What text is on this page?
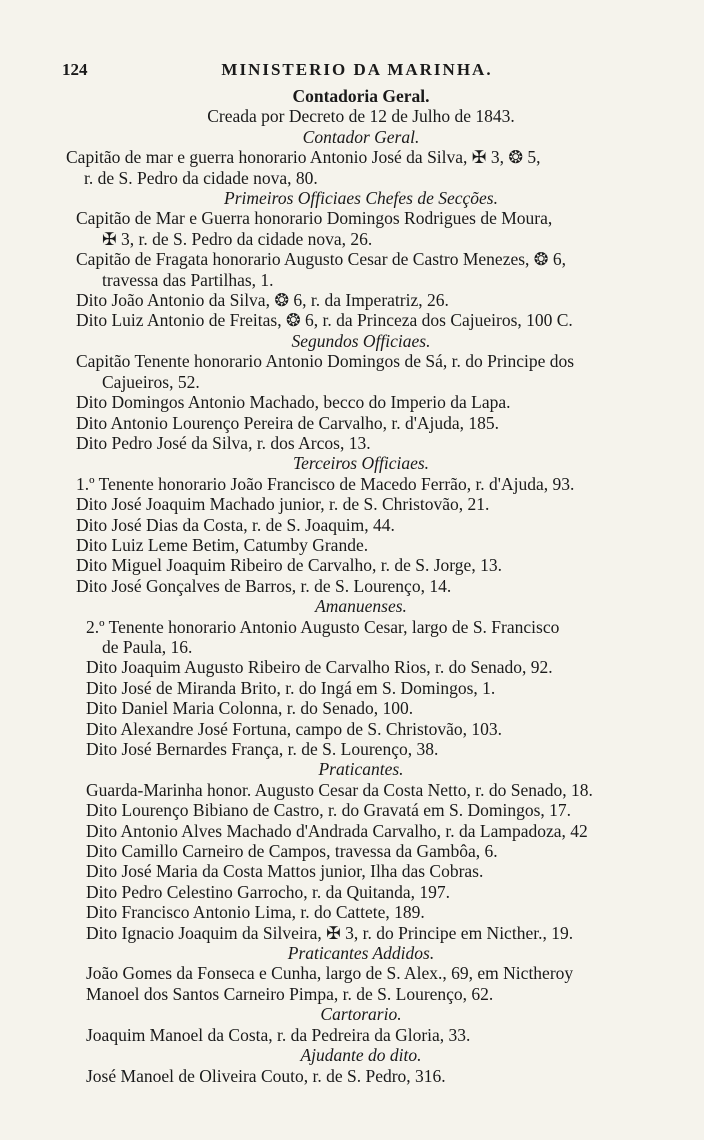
124	MINISTERIO DA MARINHA.
Contadoria Geral.
Creada por Decreto de 12 de Julho de 1843.
Contador Geral.
Capitão de mar e guerra honorario Antonio José da Silva, ✠ 3, ❂ 5,
r. de S. Pedro da cidade nova, 80.
Primeiros Officiaes Chefes de Secções.
Capitão de Mar e Guerra honorario Domingos Rodrigues de Moura,
✠ 3, r. de S. Pedro da cidade nova, 26.
Capitão de Fragata honorario Augusto Cesar de Castro Menezes, ❂ 6,
travessa das Partilhas, 1.
Dito João Antonio da Silva, ❂ 6, r. da Imperatriz, 26.
Dito Luiz Antonio de Freitas, ❂ 6, r. da Princeza dos Cajueiros, 100 C.
Segundos Officiaes.
Capitão Tenente honorario Antonio Domingos de Sá, r. do Principe dos
Cajueiros, 52.
Dito Domingos Antonio Machado, becco do Imperio da Lapa.
Dito Antonio Lourenço Pereira de Carvalho, r. d'Ajuda, 185.
Dito Pedro José da Silva, r. dos Arcos, 13.
Terceiros Officiaes.
1.º Tenente honorario João Francisco de Macedo Ferrão, r. d'Ajuda, 93.
Dito José Joaquim Machado junior, r. de S. Christovão, 21.
Dito José Dias da Costa, r. de S. Joaquim, 44.
Dito Luiz Leme Betim, Catumby Grande.
Dito Miguel Joaquim Ribeiro de Carvalho, r. de S. Jorge, 13.
Dito José Gonçalves de Barros, r. de S. Lourenço, 14.
Amanuenses.
2.º Tenente honorario Antonio Augusto Cesar, largo de S. Francisco
de Paula, 16.
Dito Joaquim Augusto Ribeiro de Carvalho Rios, r. do Senado, 92.
Dito José de Miranda Brito, r. do Ingá em S. Domingos, 1.
Dito Daniel Maria Colonna, r. do Senado, 100.
Dito Alexandre José Fortuna, campo de S. Christovão, 103.
Dito José Bernardes França, r. de S. Lourenço, 38.
Praticantes.
Guarda-Marinha honor. Augusto Cesar da Costa Netto, r. do Senado, 18.
Dito Lourenço Bibiano de Castro, r. do Gravatá em S. Domingos, 17.
Dito Antonio Alves Machado d'Andrada Carvalho, r. da Lampadoza, 42
Dito Camillo Carneiro de Campos, travessa da Gambôa, 6.
Dito José Maria da Costa Mattos junior, Ilha das Cobras.
Dito Pedro Celestino Garrocho, r. da Quitanda, 197.
Dito Francisco Antonio Lima, r. do Cattete, 189.
Dito Ignacio Joaquim da Silveira, ✠ 3, r. do Principe em Nicther., 19.
Praticantes Addidos.
João Gomes da Fonseca e Cunha, largo de S. Alex., 69, em Nictheroy
Manoel dos Santos Carneiro Pimpa, r. de S. Lourenço, 62.
Cartorario.
Joaquim Manoel da Costa, r. da Pedreira da Gloria, 33.
Ajudante do dito.
José Manoel de Oliveira Couto, r. de S. Pedro, 316.
